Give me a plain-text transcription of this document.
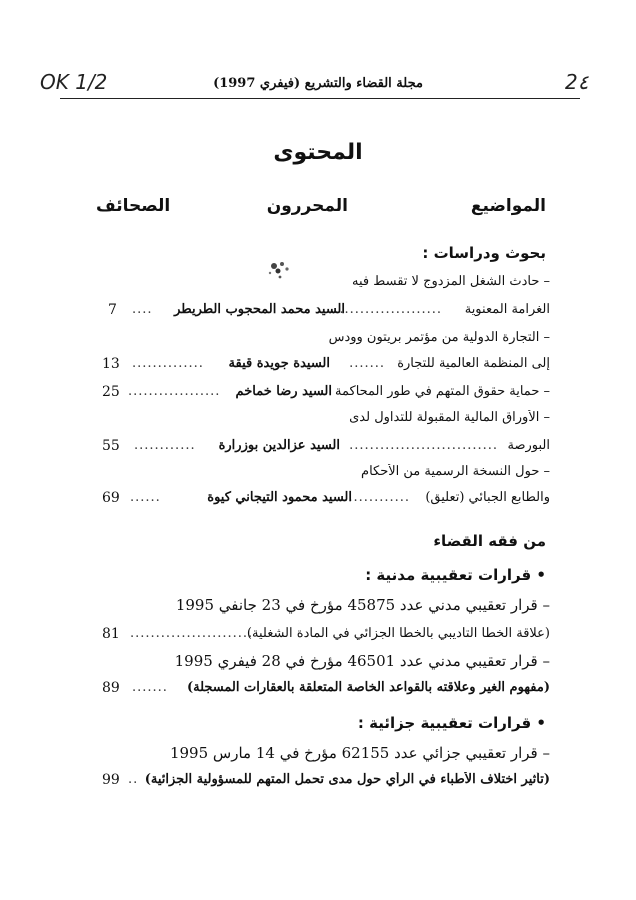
OK 1/2	2٤
مجلة القضاء والتشريع (فيفري 1997)
المحتوى
المواضيع
المحررون
الصحائف
بحوث ودراسات :
– حادث الشغل المزدوج لا تقسط فيه
الغرامة المعنوية
......................
السيد محمد المحجوب الطريطر
....
7
– التجارة الدولية من مؤتمر بريتون وودس
إلى المنظمة العالمية للتجارة
.......
السيدة جويدة قيقة
..............
13
– حماية حقوق المتهم في طور المحاكمة
السيد رضا خماخم
..................
25
– الأوراق المالية المقبولة للتداول لدى
البورصة
.............................
السيد عزالدين بوزرارة
............
55
– حول النسخة الرسمية من الأحكام
والطابع الجبائي (تعليق)
..............
السيد محمود التيجاني كيوة
......
69
من فقه القضاء
• قرارات تعقيبية مدنية :
– قرار تعقيبي مدني عدد 45875 مؤرخ في 23 جانفي 1995
(علاقة الخطأ التأديبي بالخطأ الجزائي في المادة الشغلية)
........................
81
– قرار تعقيبي مدني عدد 46501 مؤرخ في 28 فيفري 1995
(مفهوم الغير وعلاقته بالقواعد الخاصة المتعلقة بالعقارات المسجلة)
.......
89
• قرارات تعقيبية جزائية :
– قرار تعقيبي جزائي عدد 62155 مؤرخ في 14 مارس 1995
(تأثير اختلاف الأطباء في الرأي حول مدى تحمل المتهم للمسؤولية الجزائية)
..
99
